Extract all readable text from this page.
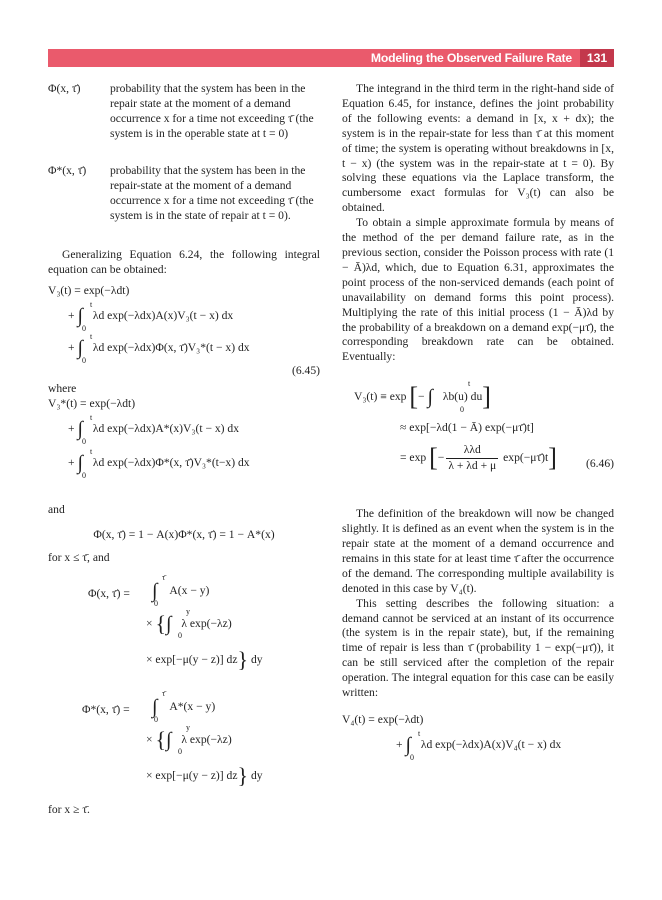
Modeling the Observed Failure Rate	131
Φ(x, τ̄)	probability that the system has been in the repair state at the moment of a demand occurrence x for a time not exceeding τ̄ (the system is in the operable state at t = 0)
Φ*(x, τ̄) probability that the system has been in the repair-state at the moment of a demand occurrence x for a time not exceeding τ̄ (the system is in the state of repair at t = 0).

Generalizing Equation 6.24, the following integral equation can be obtained:

V₃(t) = exp(−λdt)
+ ∫
t
0
λd exp(−λdx)A(x)V₃(t − x) dx
+ ∫
t
0
λd exp(−λdx)Φ(x, τ̄)V₃*(t − x) dx
(6.45)
where
V₃*(t) = exp(−λdt)
+ ∫
t
0
λd exp(−λdx)A*(x)V₃(t − x) dx
+ ∫
t
0
λd exp(−λdx)Φ*(x, τ̄)V₃*(t−x) dx
and
Φ(x, τ̄) = 1 − A(x)Φ*(x, τ̄) = 1 − A*(x)
for x ≤ τ̄, and
Φ(x, τ̄) = ∫
τ̄
0
A(x − y)
× {∫
y
0
λ exp(−λz)
× exp[−μ(y − z)] dz} dy
Φ*(x, τ̄) = ∫
τ̄
0
A*(x − y)
× {∫
y
0
λ exp(−λz)
× exp[−μ(y − z)] dz} dy
for x ≥ τ̄.

The integrand in the third term in the right-hand side of Equation 6.45, for instance, defines the joint probability of the following events: a demand in [x, x + dx); the system is in the repair-state for less than τ̄ at this moment of time; the system is operating without breakdowns in [x, t − x) (the system was in the repair-state at t = 0). By solving these equations via the Laplace transform, the cumbersome exact formulas for V₃(t) can also be obtained.

To obtain a simple approximate formula by means of the method of the per demand failure rate, as in the previous section, consider the Poisson process with rate (1 − Ā)λd, which, due to Equation 6.31, approximates the point process of the non-serviced demands (each point of unavailability on demand forms this point process). Multiplying the rate of this initial process (1 − Ā)λd by the probability of a breakdown on a demand exp(−μτ̄), the corresponding breakdown rate can be obtained. Eventually:

V₃(t) ≡ exp [− ∫
t
0
λb(u) du]
≈ exp[−λd(1 − Ā) exp(−μτ̄)t]
= exp [− $\frac{\text{λλd}}{\lambda + \lambda d + \mu}$ exp(−μτ̄)t]	(6.46)

The definition of the breakdown will now be changed slightly. It is defined as an event when the system is in the repair state at the moment of a demand occurrence and remains in this state for at least time τ̄ after the occurrence of the demand. The corresponding multiple availability is denoted in this case by V₄(t).

This setting describes the following situation: a demand cannot be serviced at an instant of its occurrence (the system is in the repair state), but, if the remaining time of repair is less than τ̄ (probability 1 − exp(−μτ̄)), it can be still serviced after the completion of the repair operation. The integral equation for this case can be easily written:

V₄(t) = exp(−λdt)
+ ∫
t
0
λd exp(−λdx)A(x)V₄(t − x) dx
